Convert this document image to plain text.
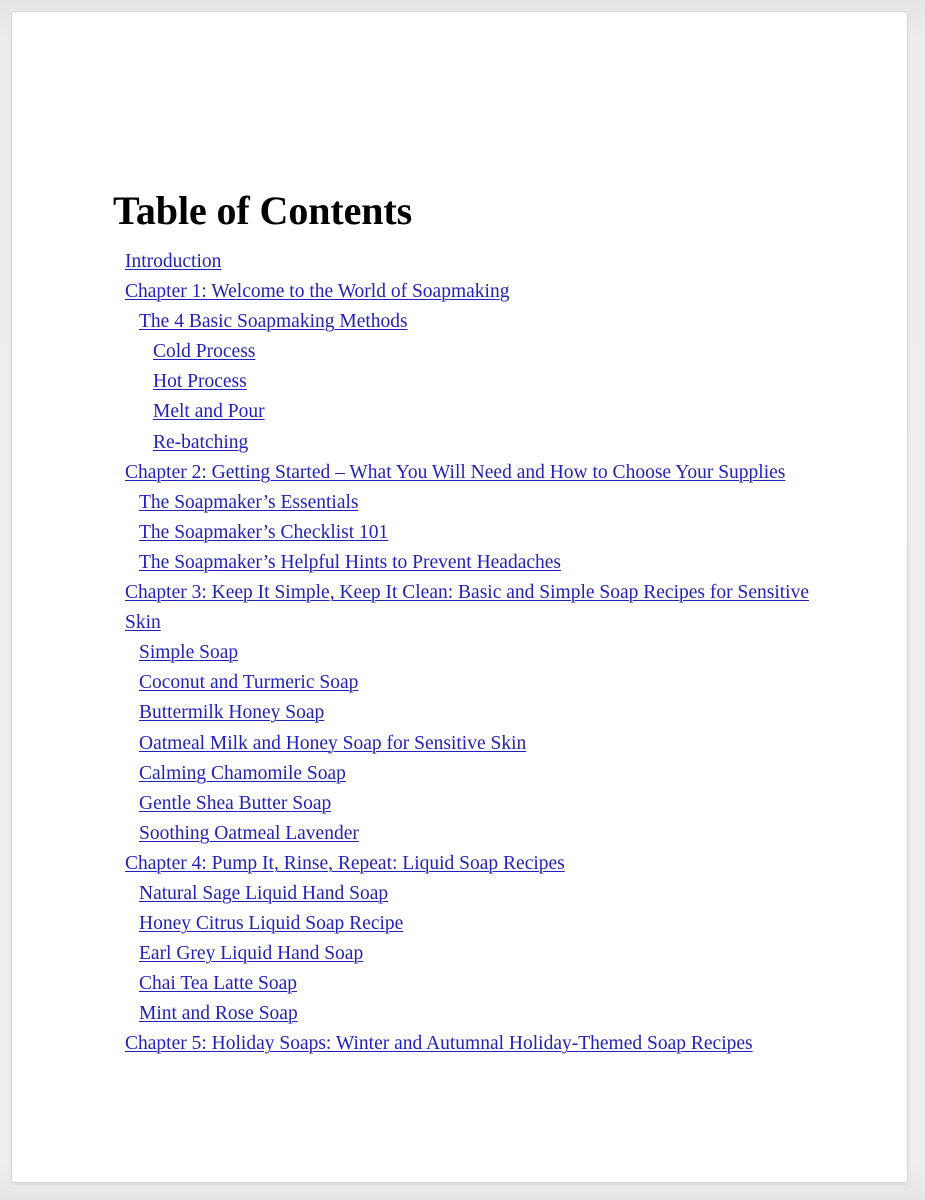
Table of Contents
Introduction
Chapter 1: Welcome to the World of Soapmaking
The 4 Basic Soapmaking Methods
Cold Process
Hot Process
Melt and Pour
Re-batching
Chapter 2: Getting Started – What You Will Need and How to Choose Your Supplies
The Soapmaker’s Essentials
The Soapmaker’s Checklist 101
The Soapmaker’s Helpful Hints to Prevent Headaches
Chapter 3: Keep It Simple, Keep It Clean: Basic and Simple Soap Recipes for Sensitive Skin
Simple Soap
Coconut and Turmeric Soap
Buttermilk Honey Soap
Oatmeal Milk and Honey Soap for Sensitive Skin
Calming Chamomile Soap
Gentle Shea Butter Soap
Soothing Oatmeal Lavender
Chapter 4: Pump It, Rinse, Repeat: Liquid Soap Recipes
Natural Sage Liquid Hand Soap
Honey Citrus Liquid Soap Recipe
Earl Grey Liquid Hand Soap
Chai Tea Latte Soap
Mint and Rose Soap
Chapter 5: Holiday Soaps: Winter and Autumnal Holiday-Themed Soap Recipes
